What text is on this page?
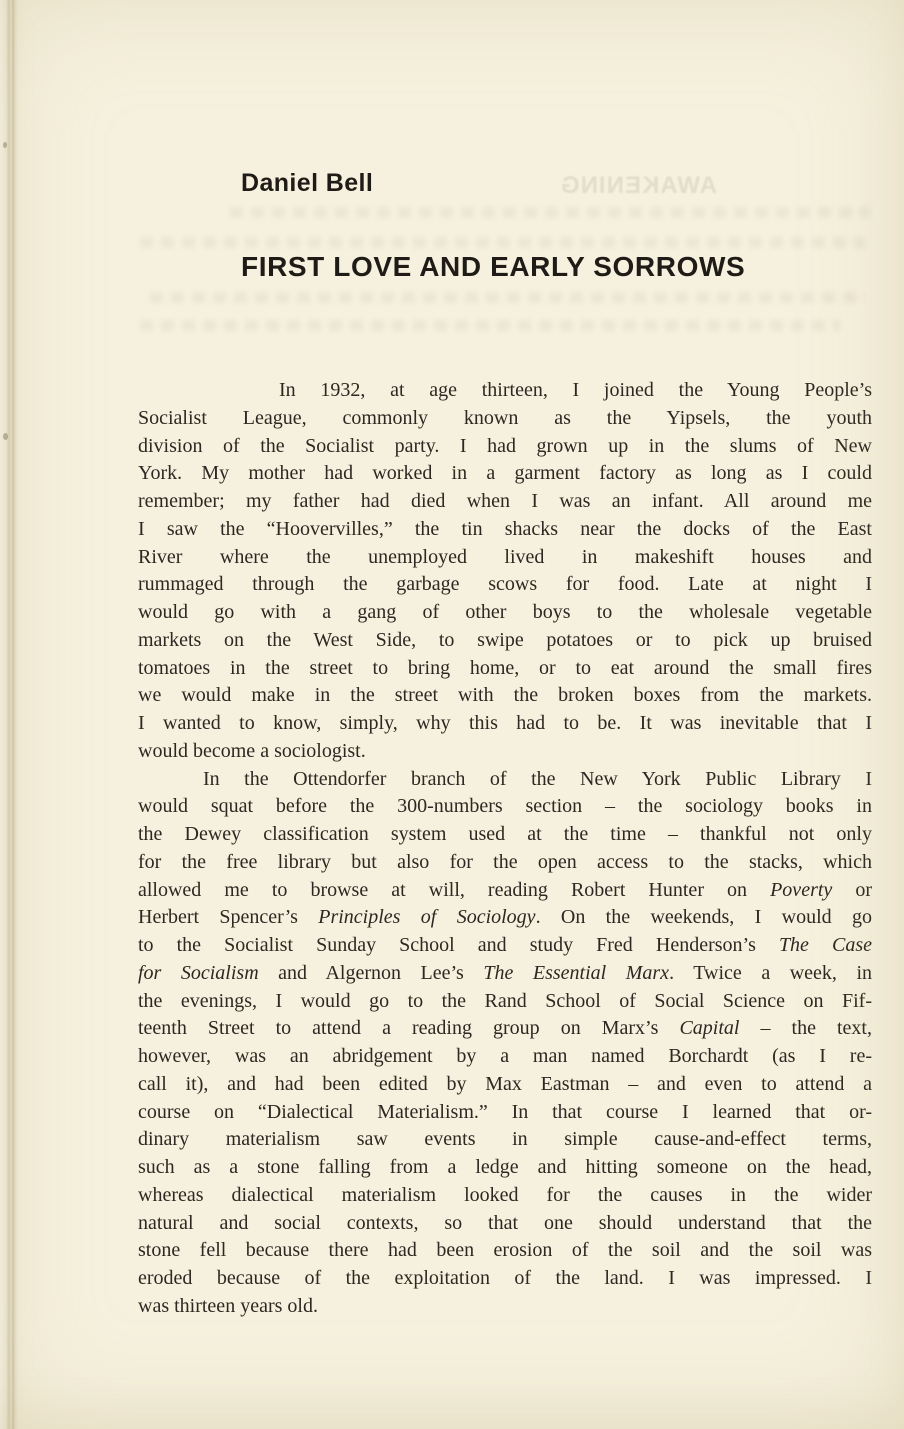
AWAKENING
Daniel Bell
FIRST LOVE AND EARLY SORROWS
In 1932, at age thirteen, I joined the Young People’s
Socialist League, commonly known as the Yipsels, the youth
division of the Socialist party. I had grown up in the slums of New
York. My mother had worked in a garment factory as long as I could
remember; my father had died when I was an infant. All around me
I saw the “Hoovervilles,” the tin shacks near the docks of the East
River where the unemployed lived in makeshift houses and
rummaged through the garbage scows for food. Late at night I
would go with a gang of other boys to the wholesale vegetable
markets on the West Side, to swipe potatoes or to pick up bruised
tomatoes in the street to bring home, or to eat around the small fires
we would make in the street with the broken boxes from the markets.
I wanted to know, simply, why this had to be. It was inevitable that I
would become a sociologist.
In the Ottendorfer branch of the New York Public Library I
would squat before the 300-numbers section – the sociology books in
the Dewey classification system used at the time – thankful not only
for the free library but also for the open access to the stacks, which
allowed me to browse at will, reading Robert Hunter on Poverty or
Herbert Spencer’s Principles of Sociology. On the weekends, I would go
to the Socialist Sunday School and study Fred Henderson’s The Case
for Socialism and Algernon Lee’s The Essential Marx. Twice a week, in
the evenings, I would go to the Rand School of Social Science on Fif-
teenth Street to attend a reading group on Marx’s Capital – the text,
however, was an abridgement by a man named Borchardt (as I re-
call it), and had been edited by Max Eastman – and even to attend a
course on “Dialectical Materialism.” In that course I learned that or-
dinary materialism saw events in simple cause-and-effect terms,
such as a stone falling from a ledge and hitting someone on the head,
whereas dialectical materialism looked for the causes in the wider
natural and social contexts, so that one should understand that the
stone fell because there had been erosion of the soil and the soil was
eroded because of the exploitation of the land. I was impressed. I
was thirteen years old.
